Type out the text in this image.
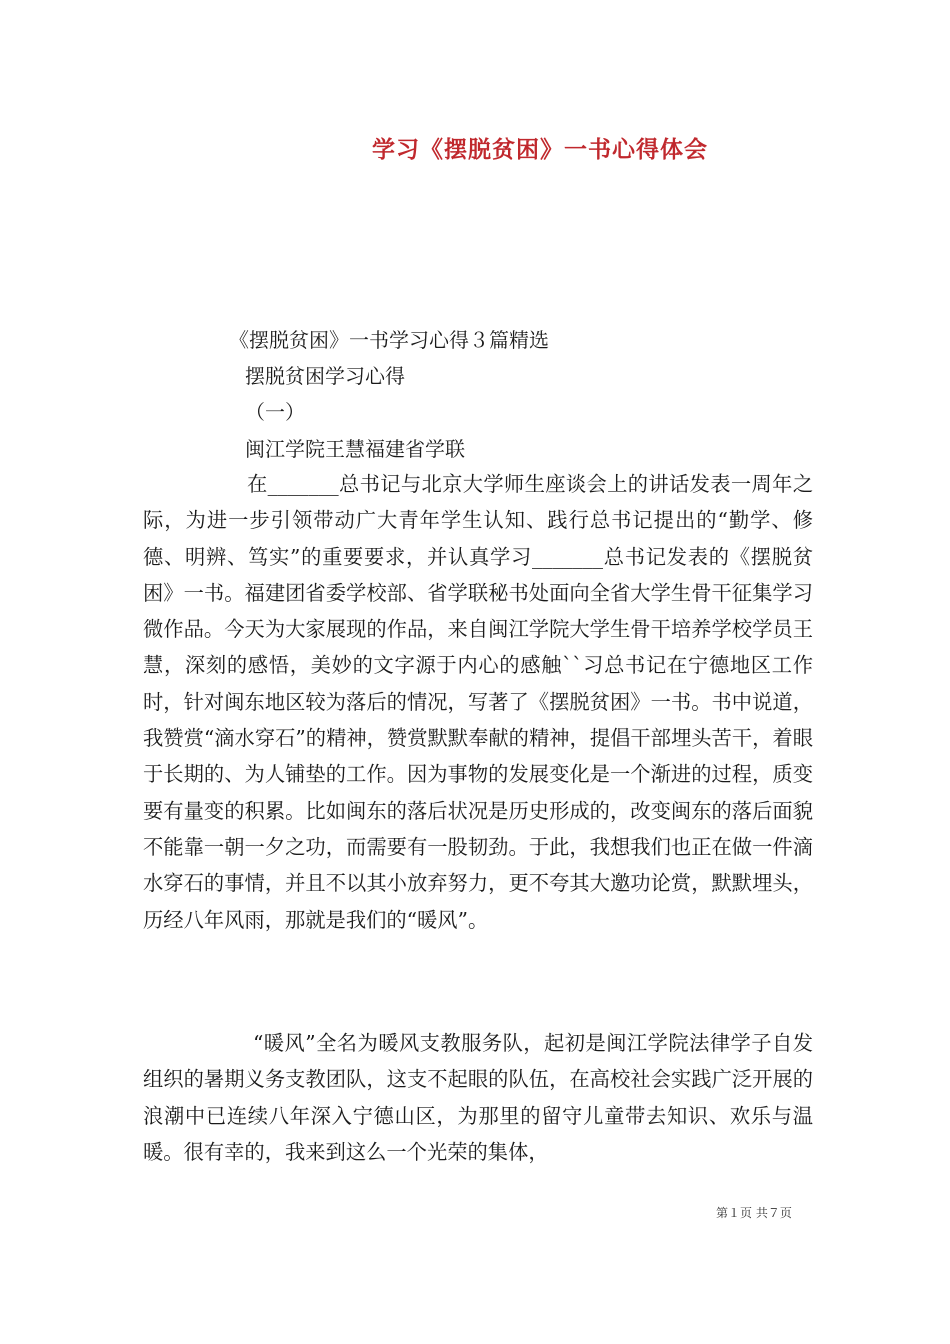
学习《摆脱贫困》一书心得体会
《摆脱贫困》一书学习心得３篇精选
摆脱贫困学习心得
（一）
闽江学院王慧福建省学联

在_______总书记与北京大学师生座谈会上的讲话发表一周年之际，为进一步引领带动广大青年学生认知、践行总书记提出的“勤学、修德、明辨、笃实”的重要要求，并认真学习_______总书记发表的《摆脱贫困》一书。福建团省委学校部、省学联秘书处面向全省大学生骨干征集学习微作品。今天为大家展现的作品，来自闽江学院大学生骨干培养学校学员王慧，深刻的感悟，美妙的文字源于内心的感触``习总书记在宁德地区工作时，针对闽东地区较为落后的情况，写著了《摆脱贫困》一书。书中说道，我赞赏“滴水穿石”的精神，赞赏默默奉献的精神，提倡干部埋头苦干，着眼于长期的、为人铺垫的工作。因为事物的发展变化是一个渐进的过程，质变要有量变的积累。比如闽东的落后状况是历史形成的，改变闽东的落后面貌不能靠一朝一夕之功，而需要有一股韧劲。于此，我想我们也正在做一件滴水穿石的事情，并且不以其小放弃努力，更不夸其大邀功论赏，默默埋头，历经八年风雨，那就是我们的“暖风”。

“暖风”全名为暖风支教服务队，起初是闽江学院法律学子自发组织的暑期义务支教团队，这支不起眼的队伍，在高校社会实践广泛开展的浪潮中已连续八年深入宁德山区，为那里的留守儿童带去知识、欢乐与温暖。很有幸的，我来到这么一个光荣的集体，

第１页 共７页
